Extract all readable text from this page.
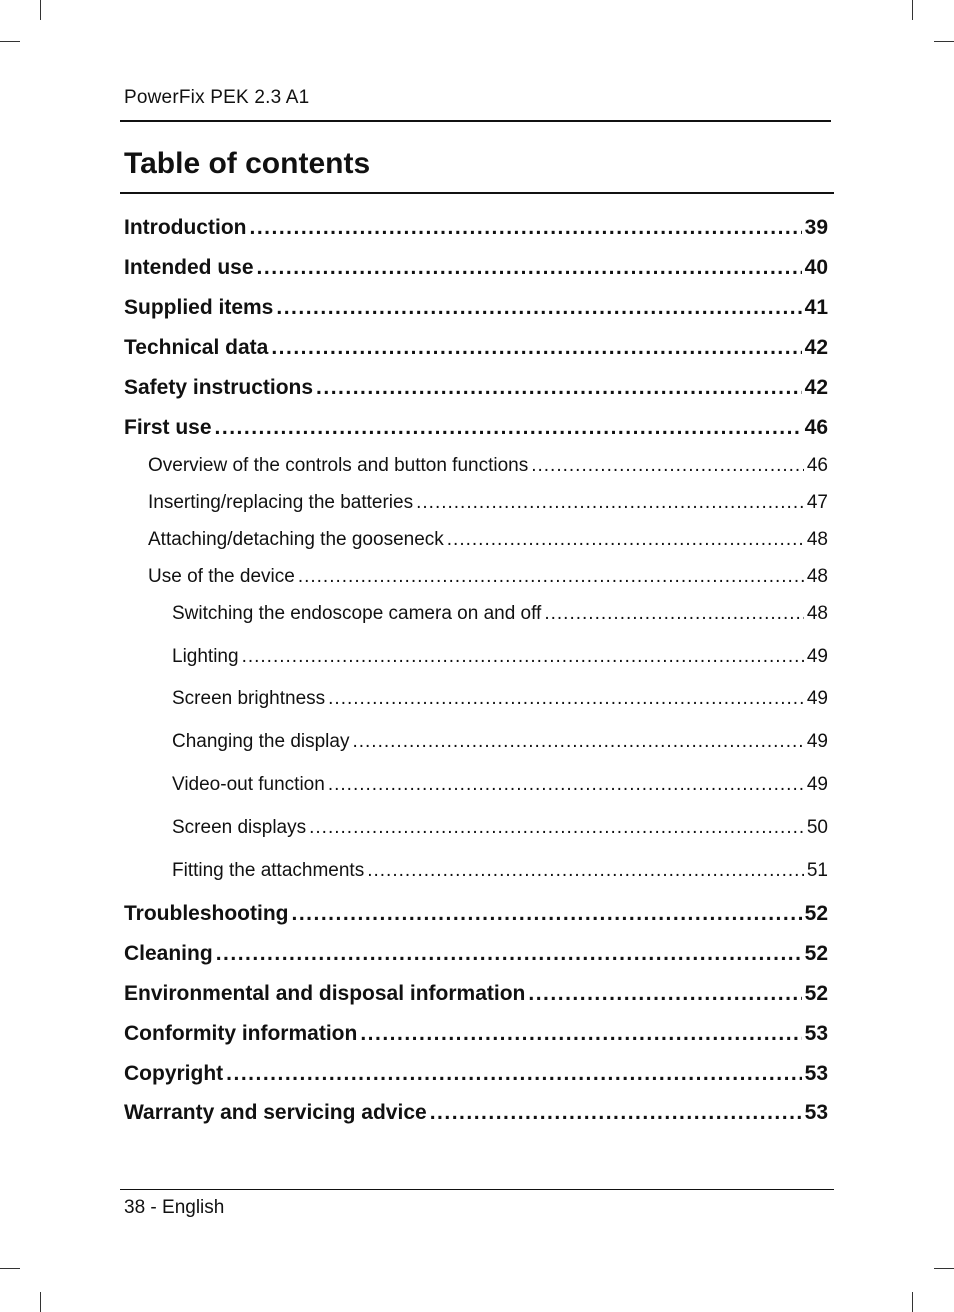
PowerFix PEK 2.3 A1
Table of contents
Introduction .....	39
Intended use .....	40
Supplied items .....	41
Technical data .....	42
Safety instructions .....	42
First use .....	46
Overview of the controls and button functions .....	46
Inserting/replacing the batteries .....	47
Attaching/detaching the gooseneck .....	48
Use of the device .....	48
Switching the endoscope camera on and off .....	48
Lighting .....	49
Screen brightness .....	49
Changing the display .....	49
Video-out function .....	49
Screen displays .....	50
Fitting the attachments .....	51
Troubleshooting .....	52
Cleaning .....	52
Environmental and disposal information .....	52
Conformity information .....	53
Copyright .....	53
Warranty and servicing advice .....	53
38 - English
